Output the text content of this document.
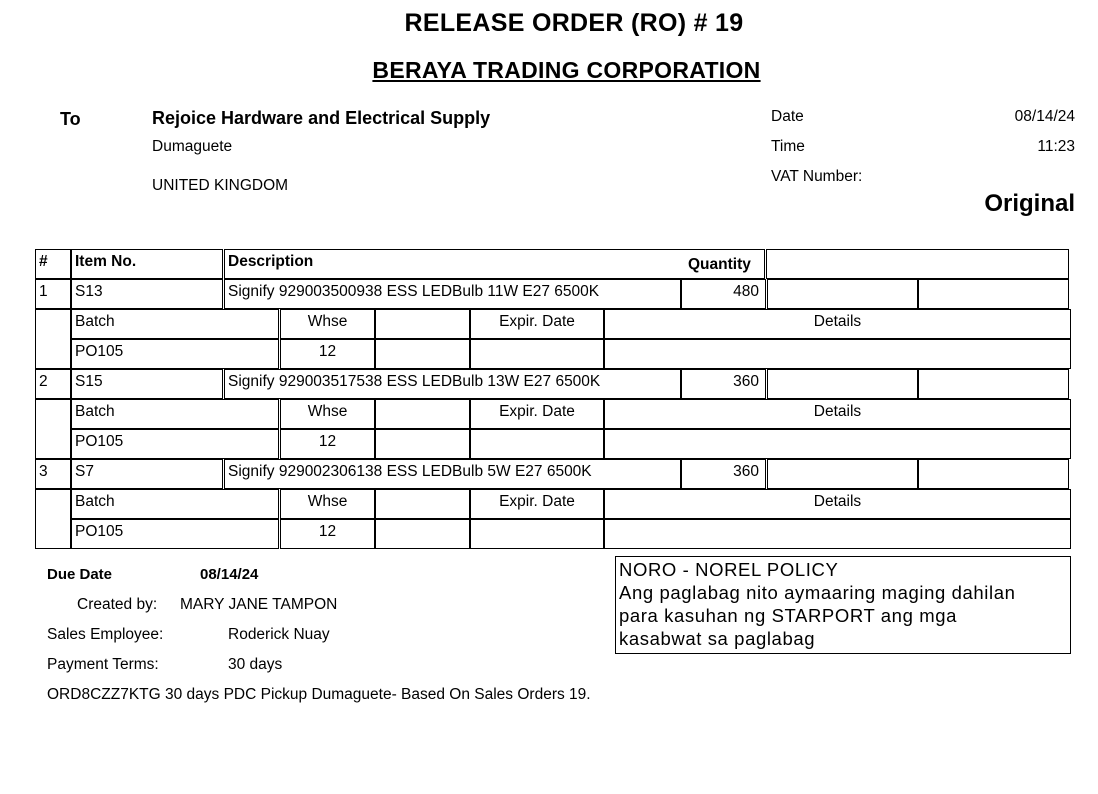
RELEASE ORDER (RO) # 19
BERAYA TRADING CORPORATION
To	Rejoice Hardware and Electrical Supply
Dumaguete
UNITED KINGDOM
Date	08/14/24
Time	11:23
VAT Number:
Original
#	Item No.	Description	Quantity
1	S13	Signify 929003500938 ESS LEDBulb 11W E27 6500K	480
Batch	Whse	Expir. Date	Details
PO105	12
2	S15	Signify 929003517538 ESS LEDBulb 13W E27 6500K	360
Batch	Whse	Expir. Date	Details
PO105	12
3	S7	Signify 929002306138 ESS LEDBulb 5W E27 6500K	360
Batch	Whse	Expir. Date	Details
PO105	12
Due Date	08/14/24
Created by: MARY JANE TAMPON
Sales Employee:	Roderick Nuay
Payment Terms:	30 days
ORD8CZZ7KTG 30 days PDC Pickup Dumaguete- Based On Sales Orders 19.
NORO - NOREL POLICY
Ang paglabag nito aymaaring maging dahilan
para kasuhan ng STARPORT ang mga
kasabwat sa paglabag
